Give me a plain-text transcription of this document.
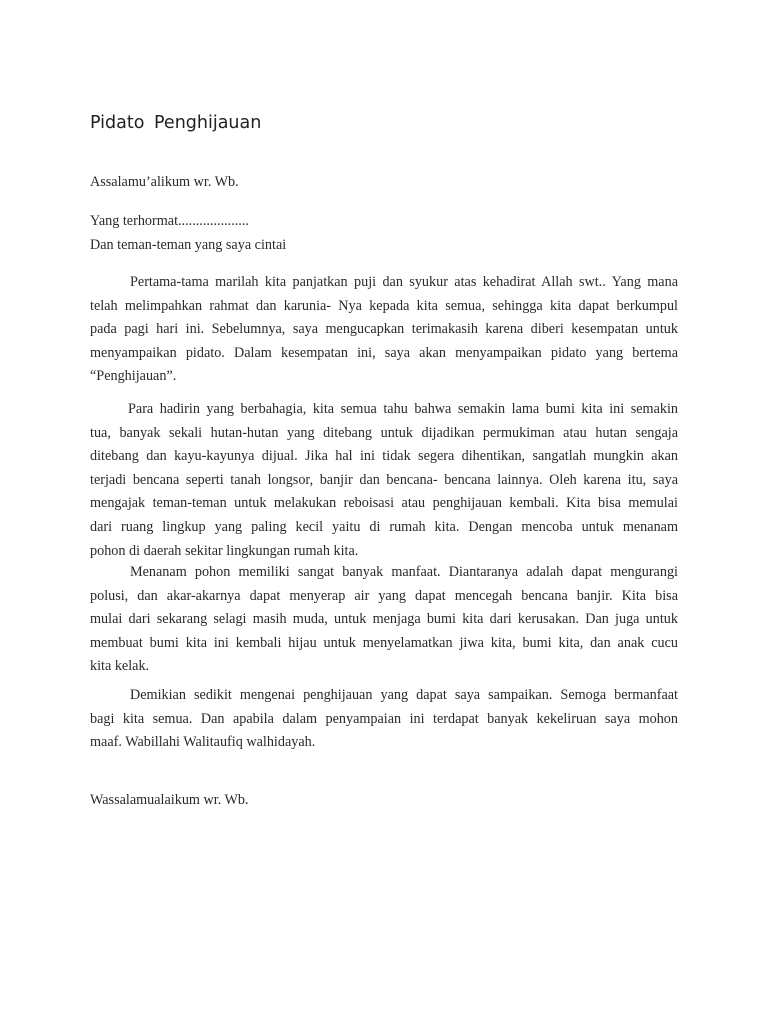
Pidato Penghijauan
Assalamu’alikum wr. Wb.
Yang terhormat....................
Dan teman-teman yang saya cintai
Pertama-tama marilah kita panjatkan puji dan syukur atas kehadirat Allah swt.. Yang mana
telah melimpahkan rahmat dan karunia- Nya kepada kita semua, sehingga kita dapat berkumpul
pada pagi hari ini. Sebelumnya, saya mengucapkan terimakasih karena diberi kesempatan untuk
menyampaikan pidato. Dalam kesempatan ini, saya akan menyampaikan pidato yang bertema
“Penghijauan”.
Para hadirin yang berbahagia, kita semua tahu bahwa semakin lama bumi kita ini semakin
tua, banyak sekali hutan-hutan yang ditebang untuk dijadikan permukiman atau hutan sengaja
ditebang dan kayu-kayunya dijual. Jika hal ini tidak segera dihentikan, sangatlah mungkin akan
terjadi bencana seperti tanah longsor, banjir dan bencana- bencana lainnya. Oleh karena itu, saya
mengajak teman-teman untuk melakukan reboisasi atau penghijauan kembali. Kita bisa memulai
dari ruang lingkup yang paling kecil yaitu di rumah kita. Dengan mencoba untuk menanam
pohon di daerah sekitar lingkungan rumah kita.
Menanam pohon memiliki sangat banyak manfaat. Diantaranya adalah dapat mengurangi
polusi, dan akar-akarnya dapat menyerap air yang dapat mencegah bencana banjir. Kita bisa
mulai dari sekarang selagi masih muda, untuk menjaga bumi kita dari kerusakan. Dan juga untuk
membuat bumi kita ini kembali hijau untuk menyelamatkan jiwa kita, bumi kita, dan anak cucu
kita kelak.
Demikian sedikit mengenai penghijauan yang dapat saya sampaikan. Semoga bermanfaat
bagi kita semua. Dan apabila dalam penyampaian ini terdapat banyak kekeliruan saya mohon
maaf. Wabillahi Walitaufiq walhidayah.
Wassalamualaikum wr. Wb.
